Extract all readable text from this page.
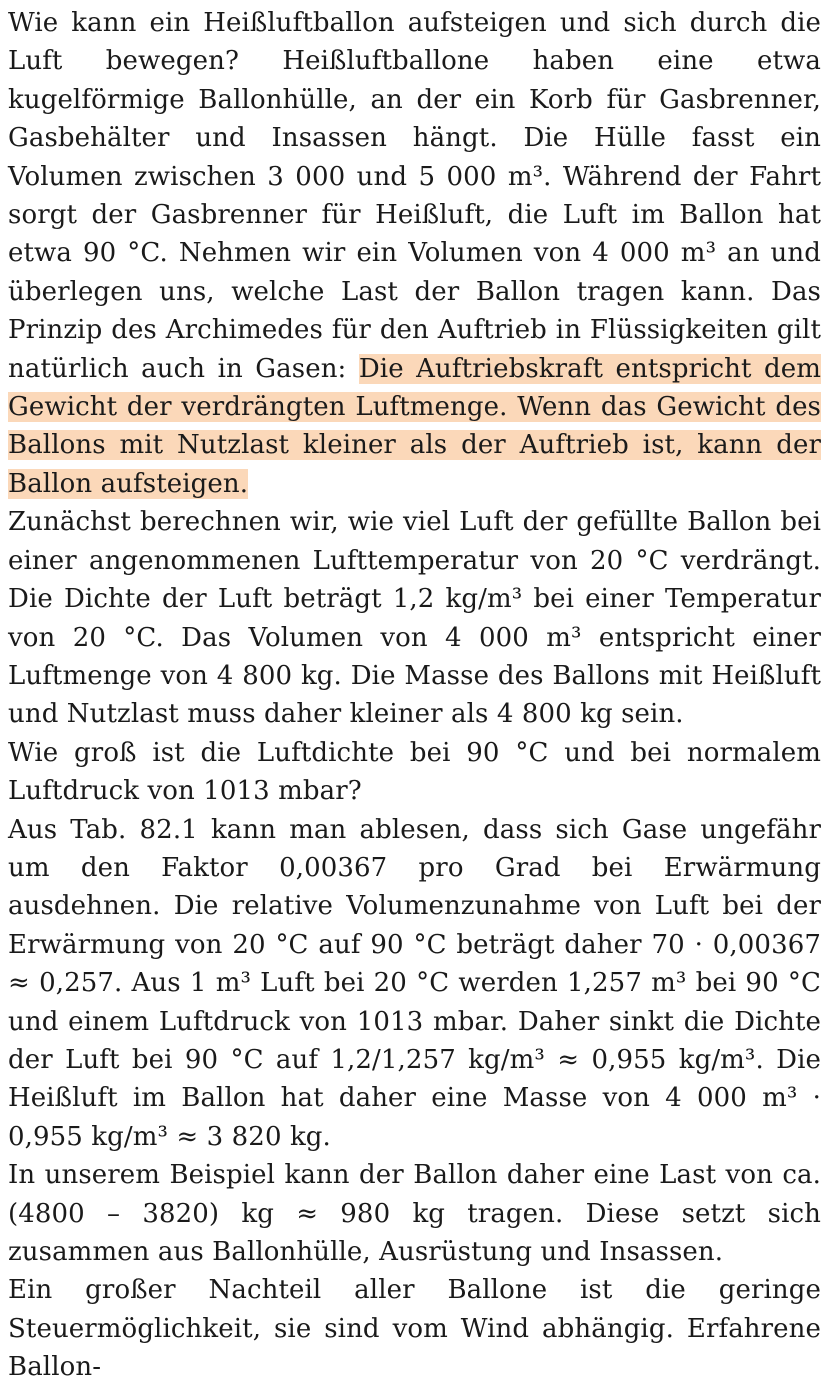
Wie kann ein Heißluftballon aufsteigen und sich durch die Luft bewegen? Heißluftballone haben eine etwa kugelförmige Ballonhülle, an der ein Korb für Gasbrenner, Gasbehälter und Insassen hängt. Die Hülle fasst ein Volumen zwischen 3 000 und 5 000 m³. Während der Fahrt sorgt der Gasbrenner für Heißluft, die Luft im Ballon hat etwa 90 °C. Nehmen wir ein Volumen von 4 000 m³ an und überlegen uns, welche Last der Ballon tragen kann. Das Prinzip des Archimedes für den Auftrieb in Flüssigkeiten gilt natürlich auch in Gasen: Die Auftriebskraft entspricht dem Gewicht der verdrängten Luftmenge. Wenn das Gewicht des Ballons mit Nutzlast kleiner als der Auftrieb ist, kann der Ballon aufsteigen.

Zunächst berechnen wir, wie viel Luft der gefüllte Ballon bei einer angenommenen Lufttemperatur von 20 °C verdrängt. Die Dichte der Luft beträgt 1,2 kg/m³ bei einer Temperatur von 20 °C. Das Volumen von 4 000 m³ entspricht einer Luftmenge von 4 800 kg. Die Masse des Ballons mit Heißluft und Nutzlast muss daher kleiner als 4 800 kg sein.

Wie groß ist die Luftdichte bei 90 °C und bei normalem Luftdruck von 1013 mbar?

Aus Tab. 82.1 kann man ablesen, dass sich Gase ungefähr um den Faktor 0,00367 pro Grad bei Erwärmung ausdehnen. Die relative Volumenzunahme von Luft bei der Erwärmung von 20 °C auf 90 °C beträgt daher 70 · 0,00367 ≈ 0,257. Aus 1 m³ Luft bei 20 °C werden 1,257 m³ bei 90 °C und einem Luftdruck von 1013 mbar. Daher sinkt die Dichte der Luft bei 90 °C auf 1,2/1,257 kg/m³ ≈ 0,955 kg/m³. Die Heißluft im Ballon hat daher eine Masse von 4 000 m³ · 0,955 kg/m³ ≈ 3 820 kg.

In unserem Beispiel kann der Ballon daher eine Last von ca. (4800 – 3820) kg ≈ 980 kg tragen. Diese setzt sich zusammen aus Ballonhülle, Ausrüstung und Insassen.

Ein großer Nachteil aller Ballone ist die geringe Steuermöglichkeit, sie sind vom Wind abhängig. Erfahrene Ballon-
